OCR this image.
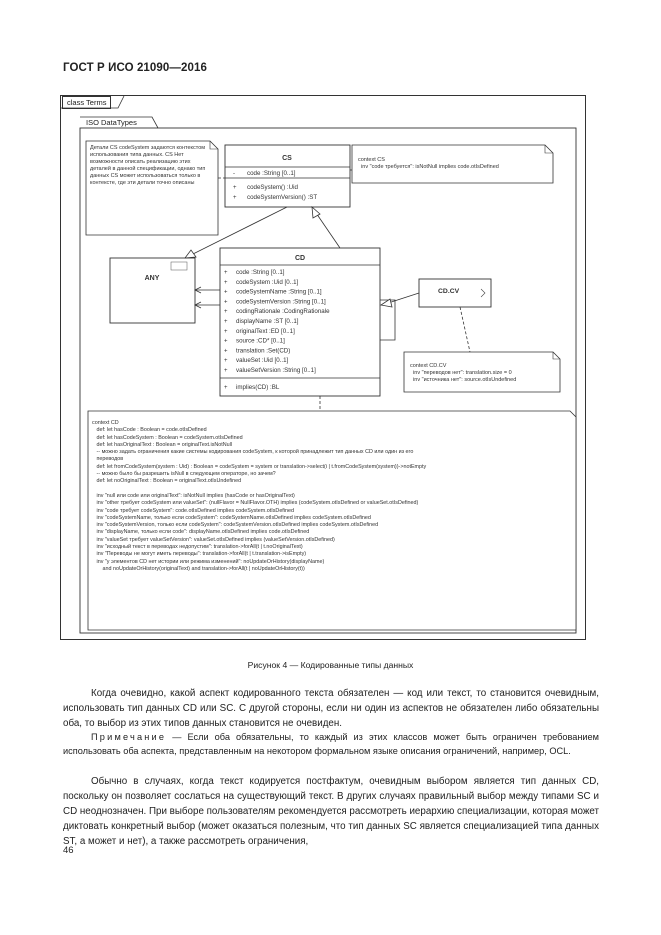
ГОСТ Р ИСО 21090—2016
class Terms
CS
- code :String [0..1]
+ codeSystem() :Uid
+ codeSystemVersion() :ST
ANY
CD
+ code :String [0..1]
+ codeSystem :Uid [0..1]
+ codeSystemName :String [0..1]
+ codeSystemVersion :String [0..1]
+ codingRationale :CodingRationale
+ displayName :ST [0..1]
+ originalText :ED [0..1]
+ source :CD* [0..1]
+ translation :Set(CD)
+ valueSet :Uid [0..1]
+ valueSetVersion :String [0..1]
+ implies(CD) :BL
CD.CV
ISO DataTypes
Детали CS codeSystem задаются контекстом использования типа данных. CS Нет возможности описать реализацию этих деталей в данной спецификации, однако тип данных CS может использоваться только в контексте, где эти детали точно описаны
context CS
inv "code требуется": isNotNull implies code.otIsDefined
context CD.CV
inv "переводов нет": translation.size = 0
inv "источника нет": source.otIsUndefined
context CD
def: let hasCode : Boolean = code.otIsDefined
def: let hasCodeSystem : Boolean = codeSystem.otIsDefined
def: let hasOriginalText : Boolean = originalText.isNotNull
-- можно задать ограничения какие системы кодирования codeSystem, к которой принадлежит тип данных CD или один из его
переводов
def: let fromCodeSystem(system : Uid) : Boolean = codeSystem = system or translation->select(i | t.fromCodeSystem(system))->notEmpty
-- можно было бы разрешить isNull в следующем операторе, но зачем?
def: let noOriginalText : Boolean = originalText.otIsUndefined

inv "null или code или originalText": isNotNull implies (hasCode or hasOriginalText)
inv "other требует codeSystem или valueSet": (nullFlavor = NullFlavor.OTH) implies (codeSystem.otIsDefined or valueSet.otIsDefined)
inv "code требует codeSystem": code.otIsDefined implies codeSystem.otIsDefined
inv "codeSystemName, только если codeSystem": codeSystemName.otIsDefined implies codeSystem.otIsDefined
inv "codeSystemVersion, только если codeSystem": codeSystemVersion.otIsDefined implies codeSystem.otIsDefined
inv "displayName, только если code": displayName.otIsDefined implies code.otIsDefined
inv "valueSet требует valueSetVersion": valueSet.otIsDefined implies (valueSetVersion.otIsDefined)
inv "исходный текст в переводах недопустим": translation->forAll(t | t.noOriginalText)
inv "Переводы не могут иметь переводы": translation->forAll(t | t.translation->isEmpty)
inv "у элементов CD нет истории или режима изменений": noUpdateOrHistory(displayName)
and noUpdateOrHistory(originalText) and translation->forAll(t | noUpdateOrHistory(t))
Рисунок 4 — Кодированные типы данных
Когда очевидно, какой аспект кодированного текста обязателен — код или текст, то становится очевидным, использовать тип данных CD или SC. С другой стороны, если ни один из аспектов не обязателен либо обязательны оба, то выбор из этих типов данных становится не очевиден.
Примечание — Если оба обязательны, то каждый из этих классов может быть ограничен требованием использовать оба аспекта, представленным на некотором формальном языке описания ограничений, например, OCL.
Обычно в случаях, когда текст кодируется постфактум, очевидным выбором является тип данных CD, поскольку он позволяет сослаться на существующий текст. В других случаях правильный выбор между типами SC и CD неоднозначен. При выборе пользователям рекомендуется рассмотреть иерархию специализации, которая может диктовать конкретный выбор (может оказаться полезным, что тип данных SC является специализацией типа данных ST, а может и нет), а также рассмотреть ограничения,
46
